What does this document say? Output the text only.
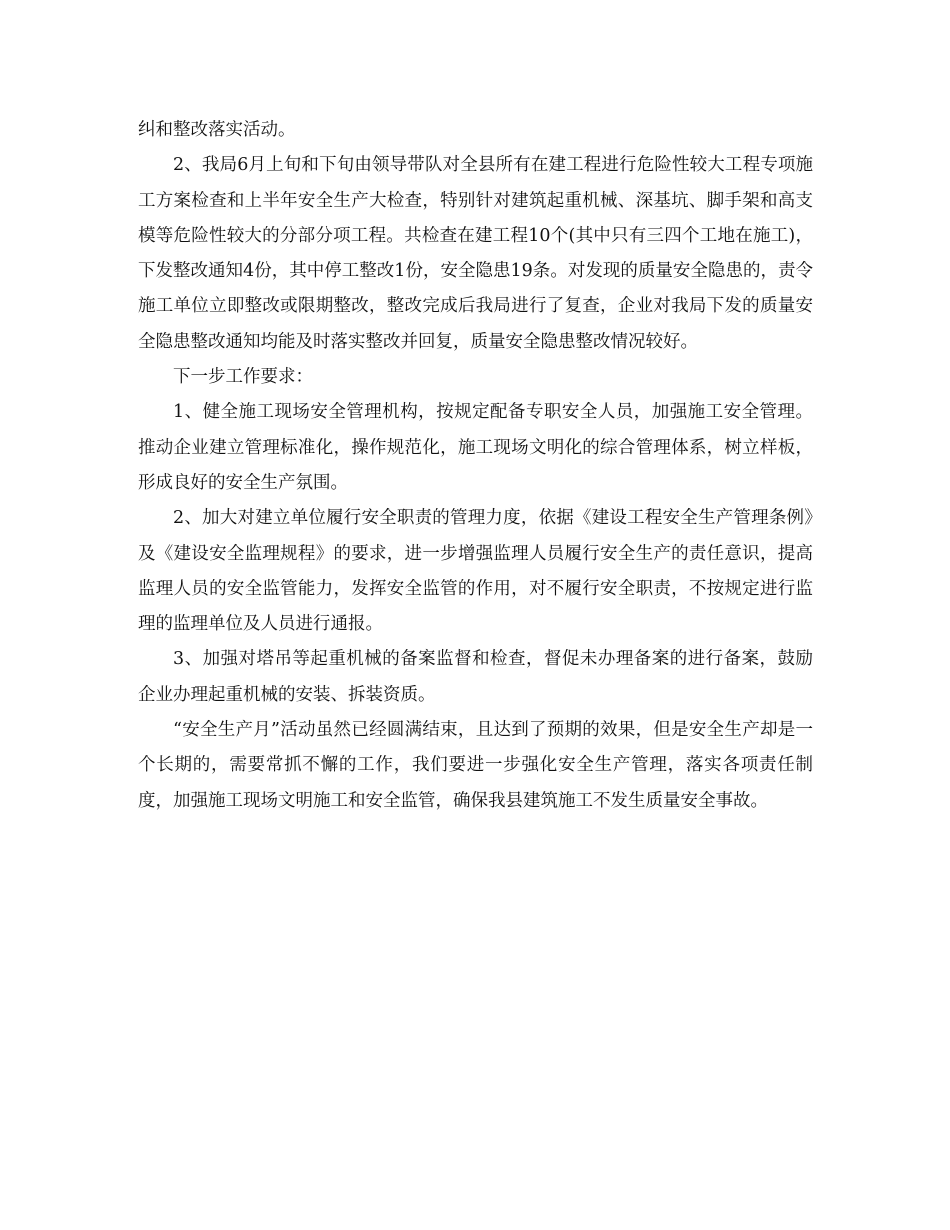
纠和整改落实活动。

2、我局6月上旬和下旬由领导带队对全县所有在建工程进行危险性较大工程专项施工方案检查和上半年安全生产大检查，特别针对建筑起重机械、深基坑、脚手架和高支模等危险性较大的分部分项工程。共检查在建工程10个(其中只有三四个工地在施工)，下发整改通知4份，其中停工整改1份，安全隐患19条。对发现的质量安全隐患的，责令施工单位立即整改或限期整改，整改完成后我局进行了复查，企业对我局下发的质量安全隐患整改通知均能及时落实整改并回复，质量安全隐患整改情况较好。

下一步工作要求：

1、健全施工现场安全管理机构，按规定配备专职安全人员，加强施工安全管理。推动企业建立管理标准化，操作规范化，施工现场文明化的综合管理体系，树立样板，形成良好的安全生产氛围。

2、加大对建立单位履行安全职责的管理力度，依据《建设工程安全生产管理条例》及《建设安全监理规程》的要求，进一步增强监理人员履行安全生产的责任意识，提高监理人员的安全监管能力，发挥安全监管的作用，对不履行安全职责，不按规定进行监理的监理单位及人员进行通报。

3、加强对塔吊等起重机械的备案监督和检查，督促未办理备案的进行备案，鼓励企业办理起重机械的安装、拆装资质。

“安全生产月”活动虽然已经圆满结束，且达到了预期的效果，但是安全生产却是一个长期的，需要常抓不懈的工作，我们要进一步强化安全生产管理，落实各项责任制度，加强施工现场文明施工和安全监管，确保我县建筑施工不发生质量安全事故。
